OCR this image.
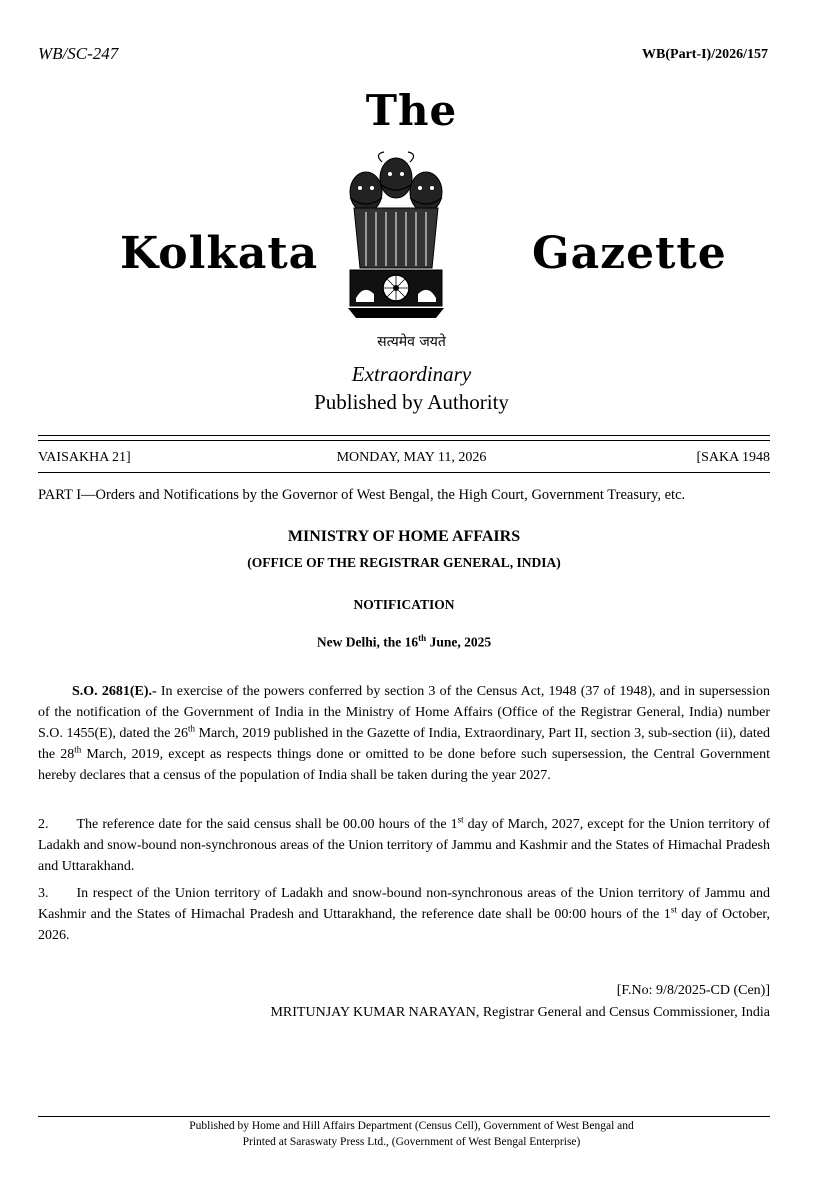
WB/SC-247	WB(Part-I)/2026/157
The
Kolkata	Gazette
सत्यमेव जयते
Extraordinary
Published by Authority
VAISAKHA 21]	MONDAY, MAY 11, 2026	[SAKA 1948
PART I—Orders and Notifications by the Governor of West Bengal, the High Court, Government Treasury, etc.
MINISTRY OF HOME AFFAIRS
(OFFICE OF THE REGISTRAR GENERAL, INDIA)
NOTIFICATION
New Delhi, the 16th June, 2025
S.O. 2681(E).- In exercise of the powers conferred by section 3 of the Census Act, 1948 (37 of 1948), and in supersession of the notification of the Government of India in the Ministry of Home Affairs (Office of the Registrar General, India) number S.O. 1455(E), dated the 26th March, 2019 published in the Gazette of India, Extraordinary, Part II, section 3, sub-section (ii), dated the 28th March, 2019, except as respects things done or omitted to be done before such supersession, the Central Government hereby declares that a census of the population of India shall be taken during the year 2027.
2. The reference date for the said census shall be 00.00 hours of the 1st day of March, 2027, except for the Union territory of Ladakh and snow-bound non-synchronous areas of the Union territory of Jammu and Kashmir and the States of Himachal Pradesh and Uttarakhand.
3. In respect of the Union territory of Ladakh and snow-bound non-synchronous areas of the Union territory of Jammu and Kashmir and the States of Himachal Pradesh and Uttarakhand, the reference date shall be 00:00 hours of the 1st day of October, 2026.
[F.No: 9/8/2025-CD (Cen)]
MRITUNJAY KUMAR NARAYAN, Registrar General and Census Commissioner, India
Published by Home and Hill Affairs Department (Census Cell), Government of West Bengal and
Printed at Saraswaty Press Ltd., (Government of West Bengal Enterprise)
